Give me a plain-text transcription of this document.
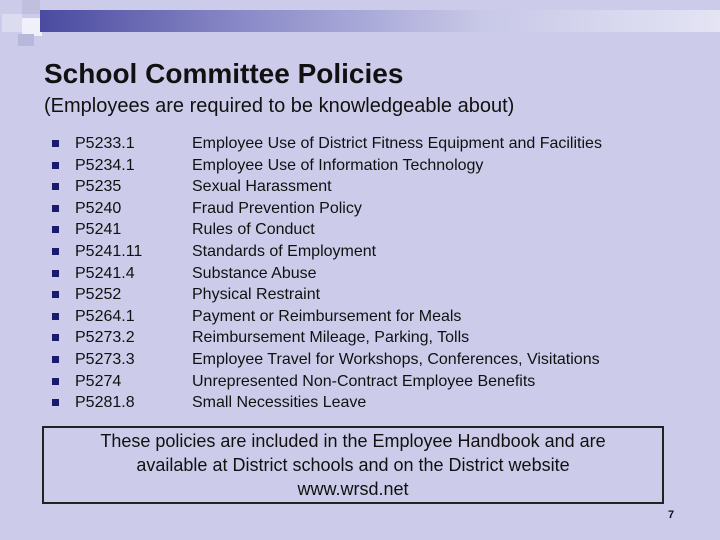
School Committee Policies
(Employees are required to be knowledgeable about)
P5233.1	Employee Use of District Fitness Equipment and Facilities
P5234.1	Employee Use of Information Technology
P5235	Sexual Harassment
P5240	Fraud Prevention Policy
P5241	Rules of Conduct
P5241.11	Standards of Employment
P5241.4	Substance Abuse
P5252	Physical Restraint
P5264.1	Payment or Reimbursement for Meals
P5273.2	Reimbursement Mileage, Parking, Tolls
P5273.3	Employee Travel for Workshops, Conferences, Visitations
P5274	Unrepresented Non-Contract Employee Benefits
P5281.8	Small Necessities Leave
These policies are included in the Employee Handbook and are
available at District schools and on the District website
www.wrsd.net
7
